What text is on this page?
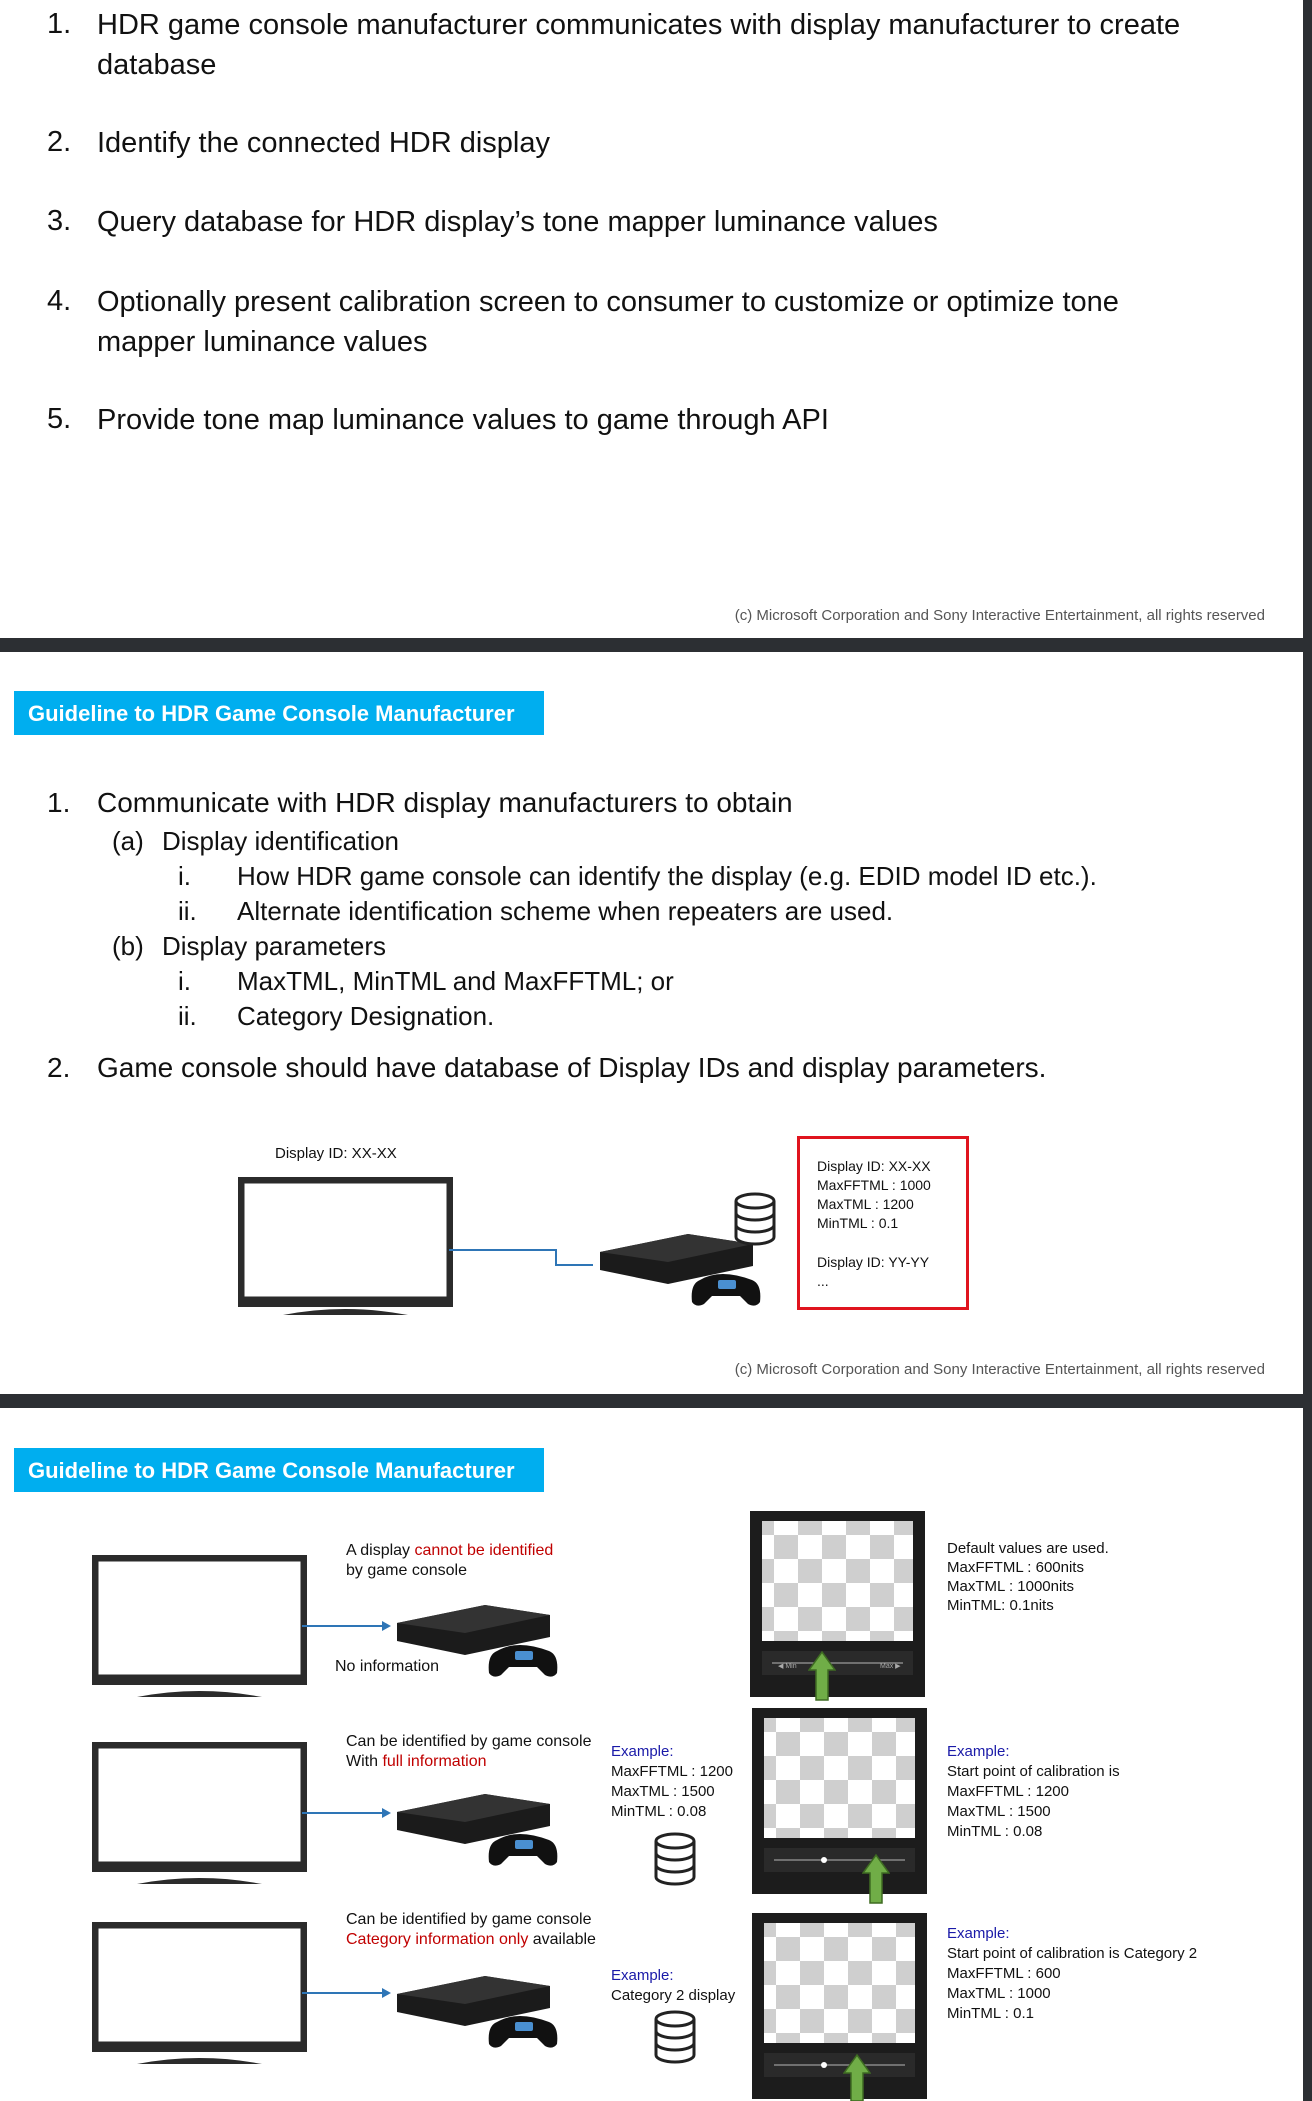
1. HDR game console manufacturer communicates with display manufacturer to create
database
2. Identify the connected HDR display
3. Query database for HDR display’s tone mapper luminance values
4. Optionally present calibration screen to consumer to customize or optimize tone
mapper luminance values
5. Provide tone map luminance values to game through API
(c) Microsoft Corporation and Sony Interactive Entertainment, all rights reserved
Guideline to HDR Game Console Manufacturer
1. Communicate with HDR display manufacturers to obtain
(a) Display identification
i. How HDR game console can identify the display (e.g. EDID model ID etc.).
ii. Alternate identification scheme when repeaters are used.
(b) Display parameters
i. MaxTML, MinTML and MaxFFTML; or
ii. Category Designation.
2. Game console should have database of Display IDs and display parameters.
Display ID: XX-XX
Display ID: XX-XX
MaxFFTML : 1000
MaxTML : 1200
MinTML : 0.1
Display ID: YY-YY
...
(c) Microsoft Corporation and Sony Interactive Entertainment, all rights reserved
Guideline to HDR Game Console Manufacturer
A display cannot be identified
by game console
No information
Default values are used.
MaxFFTML : 600nits
MaxTML : 1000nits
MinTML: 0.1nits
Can be identified by game console
With full information
Example:
MaxFFTML : 1200
MaxTML : 1500
MinTML : 0.08
Example:
Start point of calibration is
MaxFFTML : 1200
MaxTML : 1500
MinTML : 0.08
Can be identified by game console
Category information only available
Example:
Category 2 display
Example:
Start point of calibration is Category 2
MaxFFTML : 600
MaxTML : 1000
MinTML : 0.1
◀ Min	Max ▶
